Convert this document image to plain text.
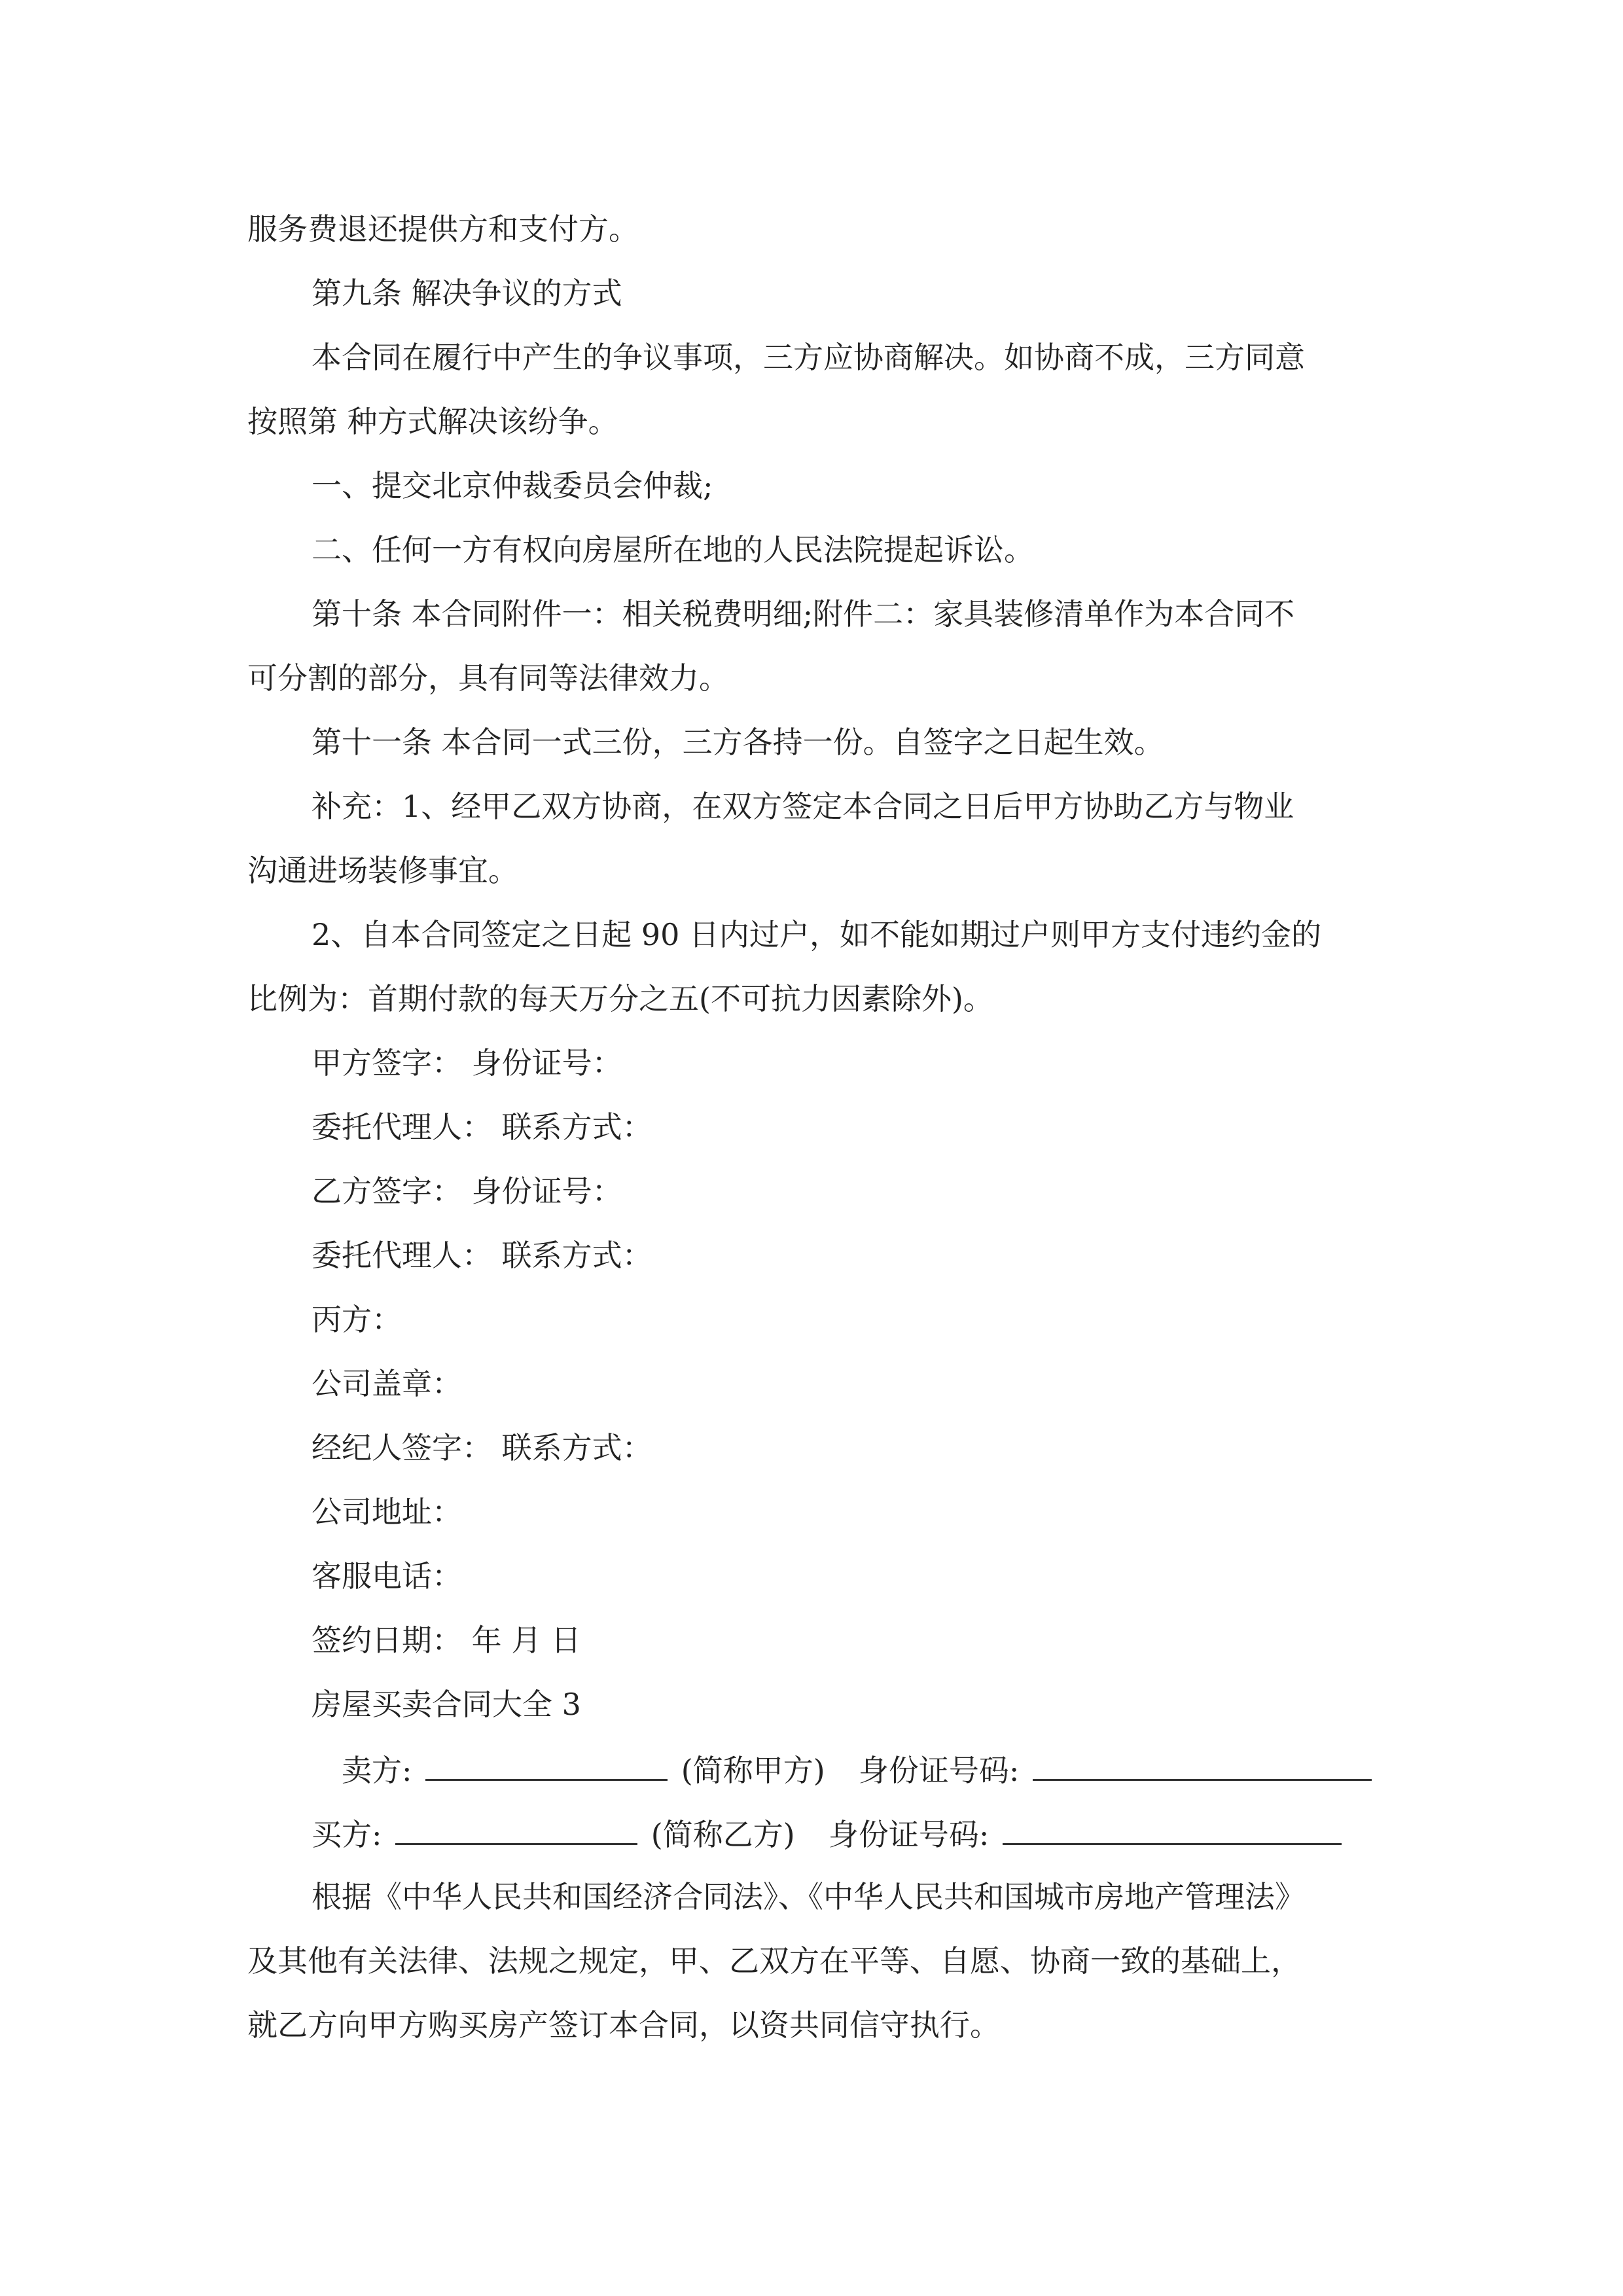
服务费退还提供方和支付方。
第九条 解决争议的方式
本合同在履行中产生的争议事项，三方应协商解决。如协商不成，三方同意
按照第 种方式解决该纷争。
一、提交北京仲裁委员会仲裁;
二、任何一方有权向房屋所在地的人民法院提起诉讼。
第十条 本合同附件一：相关税费明细;附件二：家具装修清单作为本合同不
可分割的部分，具有同等法律效力。
第十一条 本合同一式三份，三方各持一份。自签字之日起生效。
补充：1、经甲乙双方协商，在双方签定本合同之日后甲方协助乙方与物业
沟通进场装修事宜。
2、自本合同签定之日起 90 日内过户，如不能如期过户则甲方支付违约金的
比例为：首期付款的每天万分之五(不可抗力因素除外)。
甲方签字： 身份证号：
委托代理人： 联系方式：
乙方签字： 身份证号：
委托代理人： 联系方式：
丙方：
公司盖章：
经纪人签字： 联系方式：
公司地址：
客服电话：
签约日期： 年 月 日
房屋买卖合同大全 3
卖方:	(简称甲方) 身份证号码:
买方:	(简称乙方) 身份证号码:
根据《中华人民共和国经济合同法》、《中华人民共和国城市房地产管理法》
及其他有关法律、法规之规定，甲、乙双方在平等、自愿、协商一致的基础上，
就乙方向甲方购买房产签订本合同，以资共同信守执行。
